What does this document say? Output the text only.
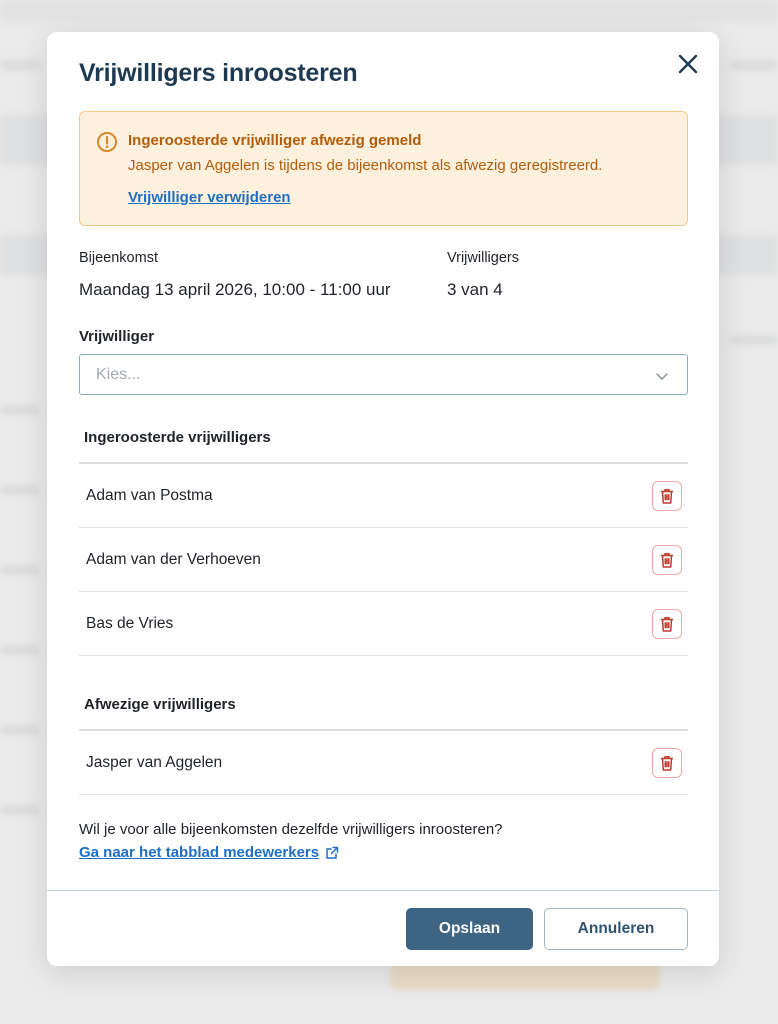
Vrijwilligers inroosteren
Ingeroosterde vrijwilliger afwezig gemeld
Jasper van Aggelen is tijdens de bijeenkomst als afwezig geregistreerd.
Vrijwilliger verwijderen
Bijeenkomst
Maandag 13 april 2026, 10:00 - 11:00 uur
Vrijwilligers
3 van 4
Vrijwilliger
Kies...
Ingeroosterde vrijwilligers
Adam van Postma
Adam van der Verhoeven
Bas de Vries
Afwezige vrijwilligers
Jasper van Aggelen
Wil je voor alle bijeenkomsten dezelfde vrijwilligers inroosteren?
Ga naar het tabblad medewerkers
Opslaan	Annuleren
